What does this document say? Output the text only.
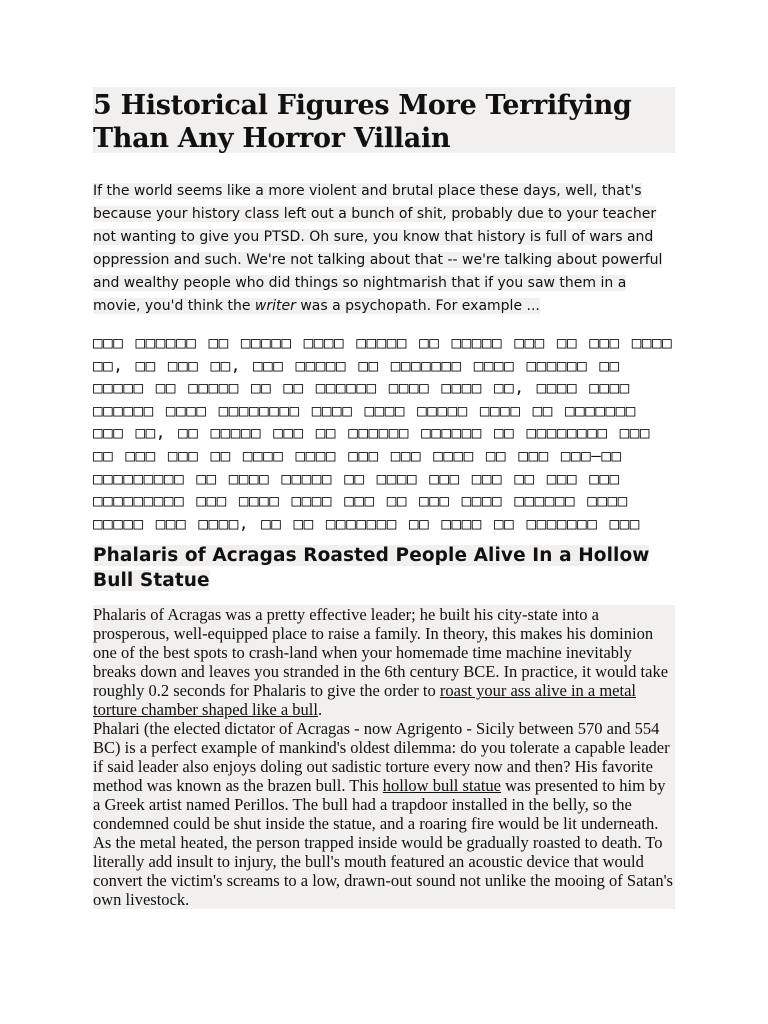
5 Historical Figures More Terrifying Than Any Horror Villain
If the world seems like a more violent and brutal place these days, well, that's
because your history class left out a bunch of shit, probably due to your teacher
not wanting to give you PTSD. Oh sure, you know that history is full of wars and
oppression and such. We're not talking about that -- we're talking about powerful
and wealthy people who did things so nightmarish that if you saw them in a
movie, you'd think the writer was a psychopath. For example ...
□□□ □□□□□□ □□ □□□□□ □□□□ □□□□□ □□ □□□□□ □□□ □□ □□□ □□□□ □□, □□ □□□ □□, □□□ □□□□□ □□ □□□□□□□ □□□□ □□□□□□ □□ □□□□□ □□ □□□□□ □□ □□ □□□□□□ □□□□ □□□□ □□, □□□□ □□□□ □□□□□□ □□□□ □□□□□□□□ □□□□ □□□□ □□□□□ □□□□ □□ □□□□□□□ □□□ □□, □□ □□□□□ □□□ □□ □□□□□□ □□□□□□ □□ □□□□□□□□ □□□ □□ □□□ □□□ □□ □□□□ □□□□ □□□ □□□ □□□□ □□ □□□ □□□—□□ □□□□□□□□□ □□ □□□□ □□□□□ □□ □□□□ □□□ □□□ □□ □□□ □□□ □□□□□□□□□ □□□ □□□□ □□□□ □□□ □□ □□□ □□□□ □□□□□□ □□□□ □□□□□ □□□ □□□□, □□ □□ □□□□□□□ □□ □□□□ □□ □□□□□□□ □□□
Phalaris of Acragas Roasted People Alive In a Hollow
Bull Statue

Phalaris of Acragas was a pretty effective leader; he built his city-state into a prosperous, well-equipped place to raise a family. In theory, this makes his dominion one of the best spots to crash-land when your homemade time machine inevitably breaks down and leaves you stranded in the 6th century BCE. In practice, it would take roughly 0.2 seconds for Phalaris to give the order to roast your ass alive in a metal torture chamber shaped like a bull.

Phalari (the elected dictator of Acragas - now Agrigento - Sicily between 570 and 554 BC) is a perfect example of mankind's oldest dilemma: do you tolerate a capable leader if said leader also enjoys doling out sadistic torture every now and then? His favorite method was known as the brazen bull. This hollow bull statue was presented to him by a Greek artist named Perillos. The bull had a trapdoor installed in the belly, so the condemned could be shut inside the statue, and a roaring fire would be lit underneath. As the metal heated, the person trapped inside would be gradually roasted to death. To literally add insult to injury, the bull's mouth featured an acoustic device that would convert the victim's screams to a low, drawn-out sound not unlike the mooing of Satan's own livestock.
